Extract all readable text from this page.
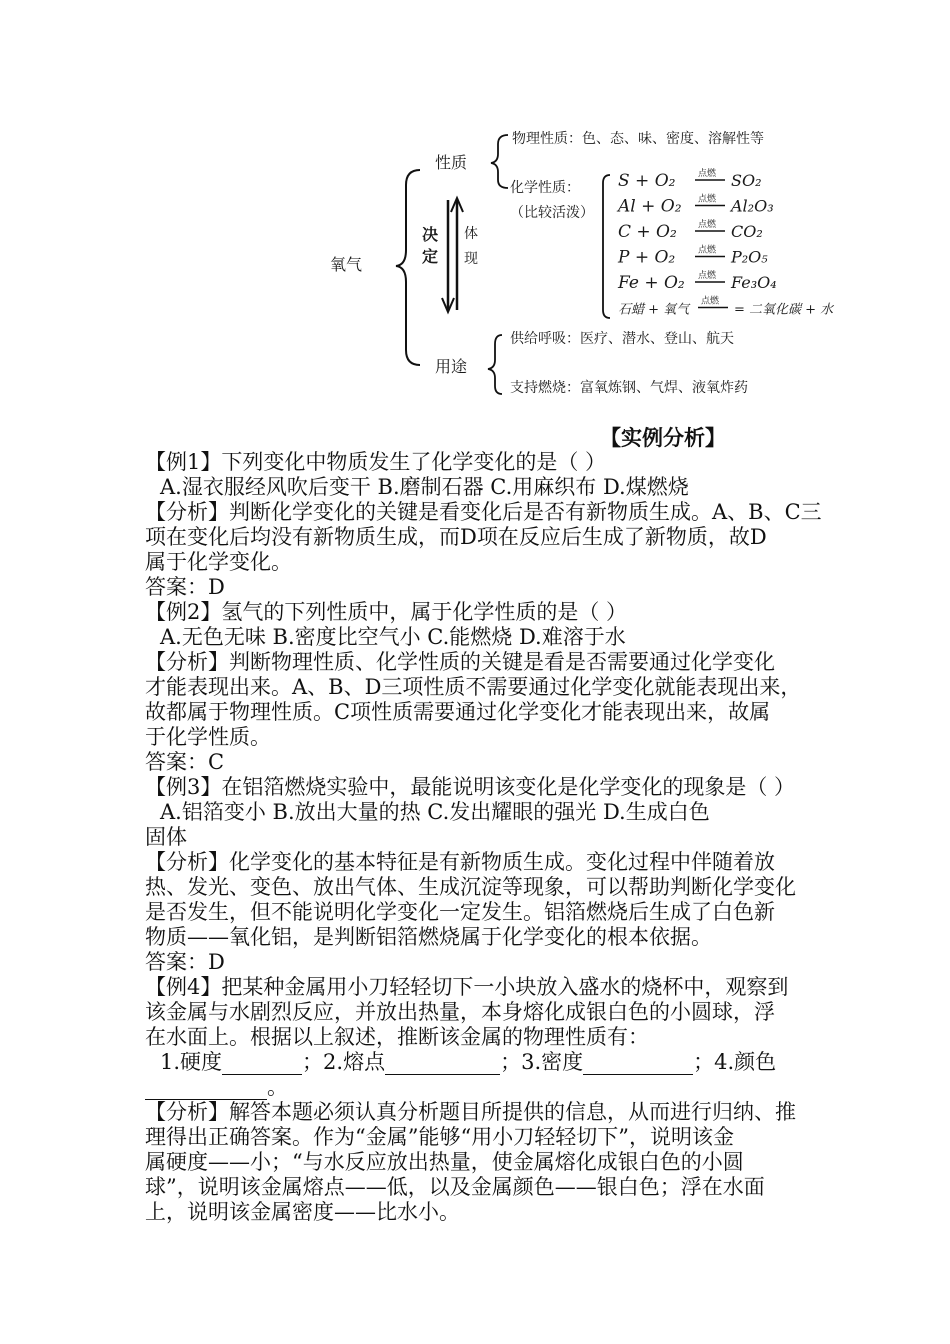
氧气
性质
用途
决
定
体
现
物理性质：色、态、味、密度、溶解性等
化学性质：
（比较活泼）
S + O₂	点燃 SO₂
Al + O₂ 点燃 Al₂O₃
C + O₂ 点燃 CO₂
P + O₂	点燃 P₂O₅
Fe + O₂ 点燃 Fe₃O₄
石蜡 + 氧气
点燃
= 二氧化碳 + 水
供给呼吸：医疗、潜水、登山、航天
支持燃烧：富氧炼钢、气焊、液氧炸药
【实例分析】
【例1】下列变化中物质发生了化学变化的是（ ）
A.湿衣服经风吹后变干 B.磨制石器 C.用麻织布 D.煤燃烧
【分析】判断化学变化的关键是看变化后是否有新物质生成。A、B、C三
项在变化后均没有新物质生成，而D项在反应后生成了新物质，故D
属于化学变化。
答案：D
【例2】氢气的下列性质中，属于化学性质的是（ ）
A.无色无味 B.密度比空气小 C.能燃烧 D.难溶于水
【分析】判断物理性质、化学性质的关键是看是否需要通过化学变化
才能表现出来。A、B、D三项性质不需要通过化学变化就能表现出来，
故都属于物理性质。C项性质需要通过化学变化才能表现出来，故属
于化学性质。
答案：C
【例3】在铝箔燃烧实验中，最能说明该变化是化学变化的现象是（ ）
A.铝箔变小 B.放出大量的热 C.发出耀眼的强光 D.生成白色
固体
【分析】化学变化的基本特征是有新物质生成。变化过程中伴随着放
热、发光、变色、放出气体、生成沉淀等现象，可以帮助判断化学变化
是否发生，但不能说明化学变化一定发生。铝箔燃烧后生成了白色新
物质——氧化铝，是判断铝箔燃烧属于化学变化的根本依据。
答案：D
【例4】把某种金属用小刀轻轻切下一小块放入盛水的烧杯中，观察到
该金属与水剧烈反应，并放出热量，本身熔化成银白色的小圆球，浮
在水面上。根据以上叙述，推断该金属的物理性质有：
1.硬度	；2.熔点	；3.密度	；4.颜色
。
【分析】解答本题必须认真分析题目所提供的信息，从而进行归纳、推
理得出正确答案。作为“金属”能够“用小刀轻轻切下”，说明该金
属硬度——小；“与水反应放出热量，使金属熔化成银白色的小圆
球”，说明该金属熔点——低，以及金属颜色——银白色；浮在水面
上，说明该金属密度——比水小。
